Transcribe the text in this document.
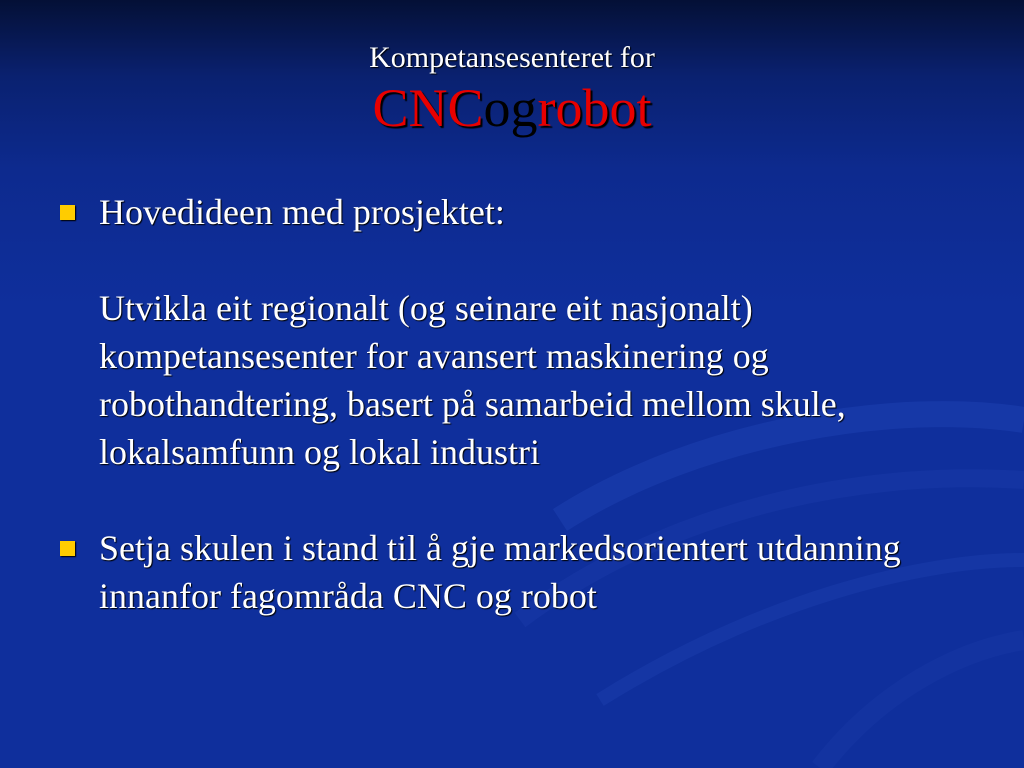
Kompetansesenteret for
CNCogrobot
Hovedideen med prosjektet:
Utvikla eit regionalt (og seinare eit nasjonalt) kompetansesenter for avansert maskinering og robothandtering, basert på samarbeid mellom skule, lokalsamfunn og lokal industri
Setja skulen i stand til å gje markedsorientert utdanning innanfor fagområda CNC og robot
